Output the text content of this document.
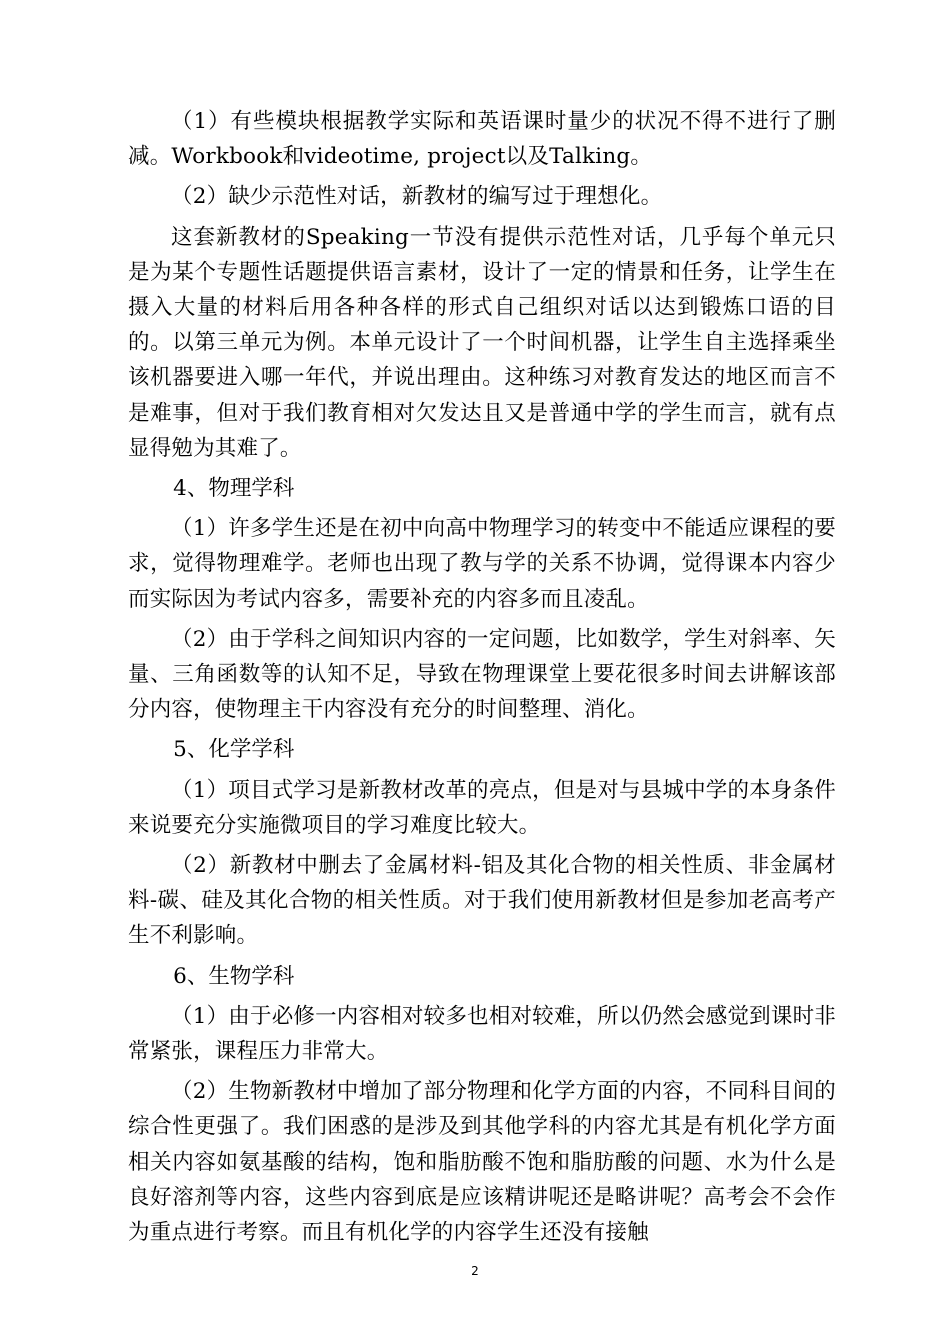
（1）有些模块根据教学实际和英语课时量少的状况不得不进行了删减。Workbook和videotime, project以及Talking。

（2）缺少示范性对话，新教材的编写过于理想化。

这套新教材的Speaking一节没有提供示范性对话，几乎每个单元只是为某个专题性话题提供语言素材，设计了一定的情景和任务，让学生在摄入大量的材料后用各种各样的形式自己组织对话以达到锻炼口语的目的。以第三单元为例。本单元设计了一个时间机器，让学生自主选择乘坐该机器要进入哪一年代，并说出理由。这种练习对教育发达的地区而言不是难事，但对于我们教育相对欠发达且又是普通中学的学生而言，就有点显得勉为其难了。

4、物理学科

（1）许多学生还是在初中向高中物理学习的转变中不能适应课程的要求，觉得物理难学。老师也出现了教与学的关系不协调，觉得课本内容少而实际因为考试内容多，需要补充的内容多而且凌乱。

（2）由于学科之间知识内容的一定问题，比如数学，学生对斜率、矢量、三角函数等的认知不足，导致在物理课堂上要花很多时间去讲解该部分内容，使物理主干内容没有充分的时间整理、消化。

5、化学学科

（1）项目式学习是新教材改革的亮点，但是对与县城中学的本身条件来说要充分实施微项目的学习难度比较大。

（2）新教材中删去了金属材料-铝及其化合物的相关性质、非金属材料-碳、硅及其化合物的相关性质。对于我们使用新教材但是参加老高考产生不利影响。

6、生物学科

（1）由于必修一内容相对较多也相对较难，所以仍然会感觉到课时非常紧张，课程压力非常大。

（2）生物新教材中增加了部分物理和化学方面的内容，不同科目间的综合性更强了。我们困惑的是涉及到其他学科的内容尤其是有机化学方面相关内容如氨基酸的结构，饱和脂肪酸不饱和脂肪酸的问题、水为什么是良好溶剂等内容，这些内容到底是应该精讲呢还是略讲呢？高考会不会作为重点进行考察。而且有机化学的内容学生还没有接触

2
